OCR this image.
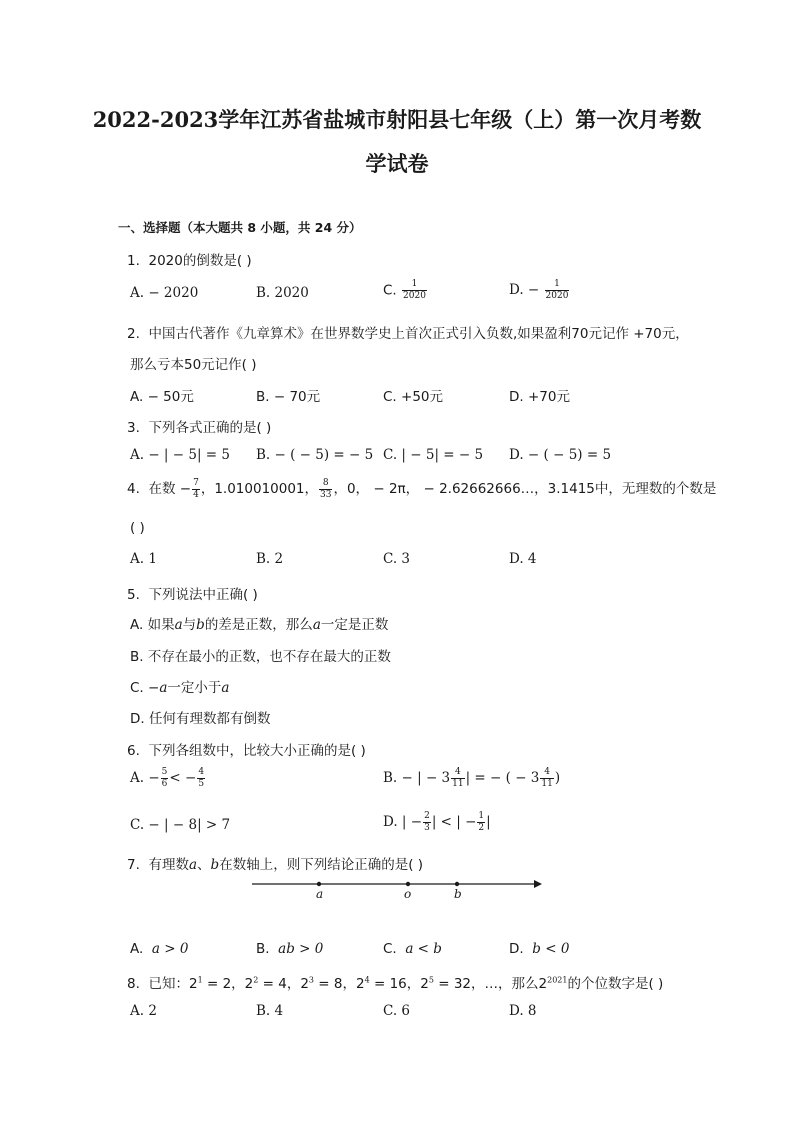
2022-2023学年江苏省盐城市射阳县七年级（上）第一次月考数
学试卷
一、选择题（本大题共 8 小题，共 24 分）
1. 2020的倒数是( )
A. − 2020	B. 2020	C. $\frac{1}{2020}$	D. − $\frac{1}{2020}$
2. 中国古代著作《九章算术》在世界数学史上首次正式引入负数,如果盈利70元记作 +70元，
那么亏本50元记作( )
A. − 50元	B. − 70元	C. +50元	D. +70元
3. 下列各式正确的是( )
A. − | − 5| = 5 B. − ( − 5) = − 5 C. | − 5| = − 5 D. − ( − 5) = 5
4. 在数 − $\frac{7}{4}$ ，1.010010001， $\frac{8}{33}$ ，0， − 2π， − 2.62662666…，3.1415中，无理数的个数是
( )
A. 1	B. 2	C. 3	D. 4
5. 下列说法中正确( )
A. 如果a与b的差是正数，那么a一定是正数
B. 不存在最小的正数，也不存在最大的正数
C. −a一定小于a
D. 任何有理数都有倒数
6. 下列各组数中，比较大小正确的是( )
A. − $\frac{5}{6}$ < − $\frac{4}{5}$	B. − | − $3 \frac{4}{11}$ | = − ( − $3 \frac{4}{11}$ )
C. − | − 8| > 7	D. | − $\frac{2}{3}$ | < | − $\frac{1}{2}$ |
7. 有理数a、b在数轴上，则下列结论正确的是( )
a	o	b
A. a > 0	B. ab > 0	C. a < b	D. b < 0
8. 已知：$2^1 = 2$，$2^2 = 4$，$2^3 = 8$，$2^4 = 16$，$2^5 = 32$，…，那么$2^{2021}$的个位数字是( )
A. 2	B. 4	C. 6	D. 8
